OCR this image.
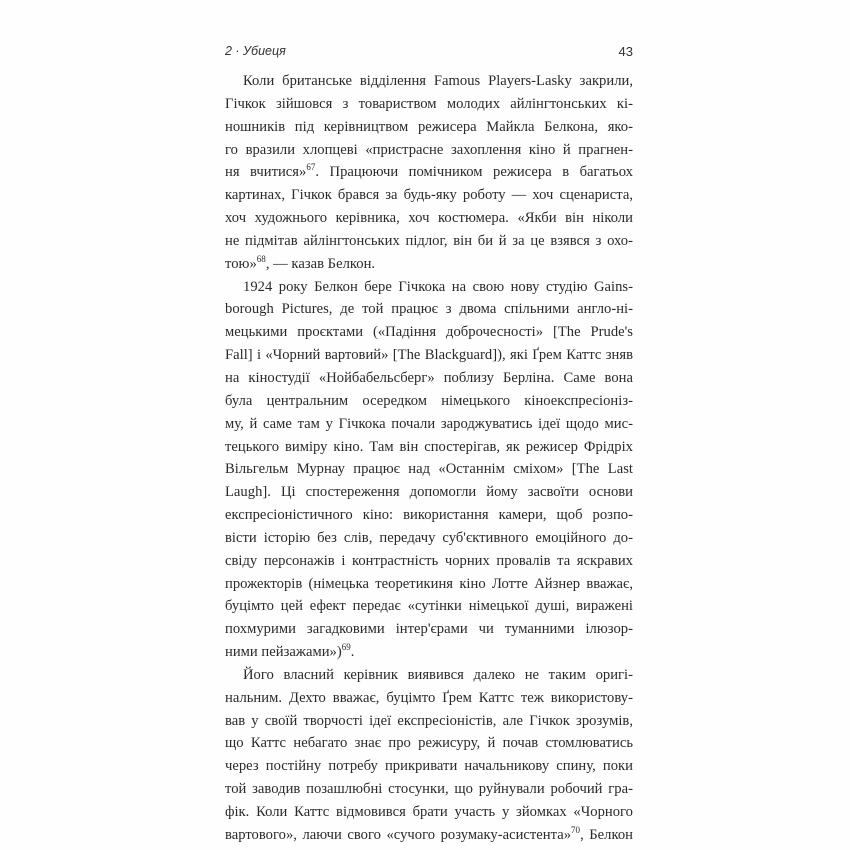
2 · Убиеця	43
Коли британське відділення Famous Players-Lasky закрили,
Гічкок зійшовся з товариством молодих айлінгтонських кі-
ношників під керівництвом режисера Майкла Белкона, яко-
го вразили хлопцеві «пристрасне захоплення кіно й прагнен-
ня вчитися»$^{67}$. Працюючи помічником режисера в багатьох
картинах, Гічкок брався за будь-яку роботу — хоч сценариста,
хоч художнього керівника, хоч костюмера. «Якби він ніколи
не підмітав айлінгтонських підлог, він би й за це взявся з охо-
тою»$^{68}$, — казав Белкон.
1924 року Белкон бере Гічкока на свою нову студію Gains-
borough Pictures, де той працює з двома спільними англо-ні-
мецькими проєктами («Падіння доброчесності» [The Prude's
Fall] і «Чорний вартовий» [The Blackguard]), які Ґрем Каттс зняв
на кіностудії «Нойбабельсберг» поблизу Берліна. Саме вона
була центральним осередком німецького кіноекспресіоніз-
му, й саме там у Гічкока почали зароджуватись ідеї щодо мис-
тецького виміру кіно. Там він спостерігав, як режисер Фрідріх
Вільгельм Мурнау працює над «Останнім сміхом» [The Last
Laugh]. Ці спостереження допомогли йому засвоїти основи
експресіоністичного кіно: використання камери, щоб розпо-
вісти історію без слів, передачу суб'єктивного емоційного до-
свіду персонажів і контрастність чорних провалів та яскравих
прожекторів (німецька теоретикиня кіно Лотте Айзнер вважає,
буцімто цей ефект передає «сутінки німецької душі, виражені
похмурими загадковими інтер'єрами чи туманними ілюзор-
ними пейзажами»)$^{69}$.
Його власний керівник виявився далеко не таким оригі-
нальним. Дехто вважає, буцімто Ґрем Каттс теж використову-
вав у своїй творчості ідеї експресіоністів, але Гічкок зрозумів,
що Каттс небагато знає про режисуру, й почав стомлюватись
через постійну потребу прикривати начальникову спину, поки
той заводив позашлюбні стосунки, що руйнували робочий гра-
фік. Коли Каттс відмовився брати участь у зйомках «Чорного
вартового», лаючи свого «сучого розумаку-асистента»$^{70}$, Белкон
